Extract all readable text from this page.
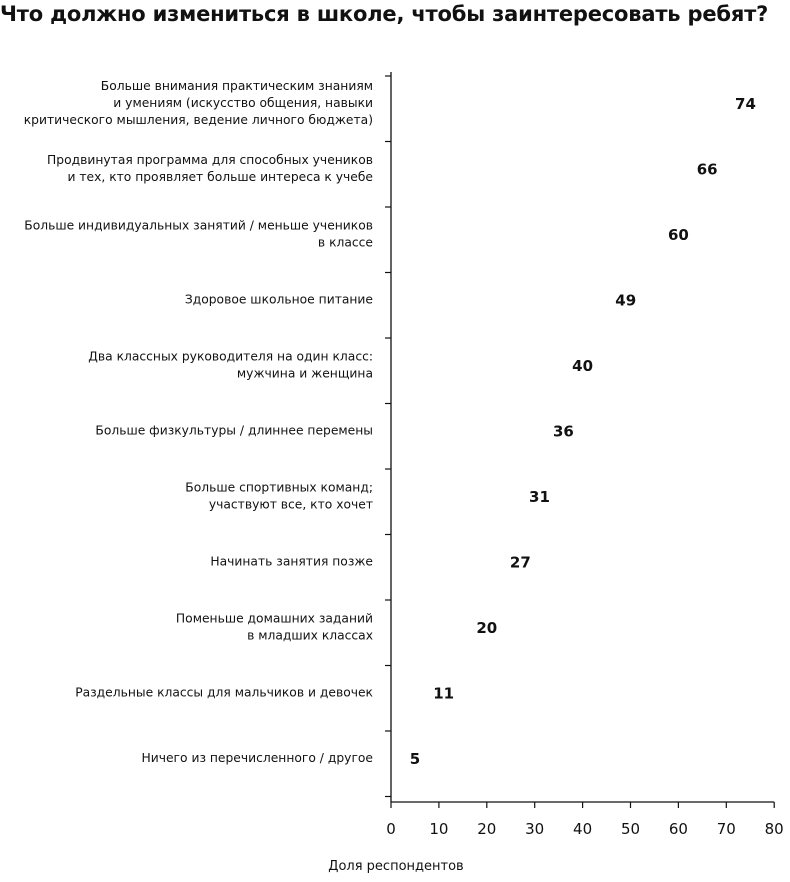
Что должно измениться в школе, чтобы заинтересовать ребят?
Больше внимания практическим знаниям и умениям (искусство общения, навыки критического мышления, ведение личного бюджета)
Продвинутая программа для способных учеников и тех, кто проявляет больше интереса к учебе
Больше индивидуальных занятий / меньше учеников в классе
Здоровое школьное питание
Два классных руководителя на один класс: мужчина и женщина
Больше физкультуры / длиннее перемены
Больше спортивных команд; участвуют все, кто хочет
Начинать занятия позже
Поменьше домашних заданий в младших классах
Раздельные классы для мальчиков и девочек
Ничего из перечисленного / другое
74
66
60
49
40
36
31
27
20
11
5
0 10 20 30 40 50 60 70 80
Доля респондентов
